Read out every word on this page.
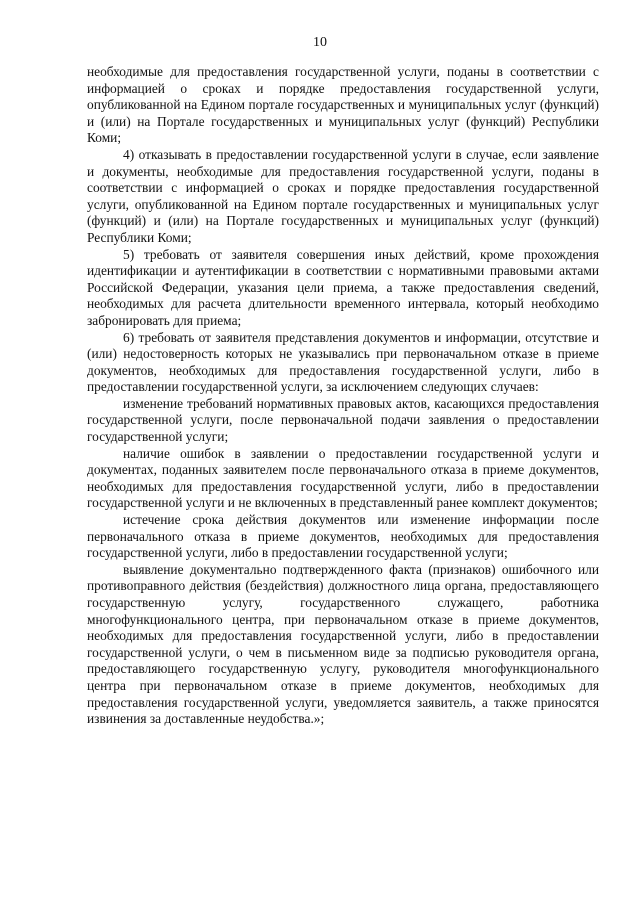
10

необходимые для предоставления государственной услуги, поданы в соответствии с информацией о сроках и порядке предоставления государственной услуги, опубликованной на Едином портале государственных и муниципальных услуг (функций) и (или) на Портале государственных и муниципальных услуг (функций) Республики Коми;

4) отказывать в предоставлении государственной услуги в случае, если заявление и документы, необходимые для предоставления государственной услуги, поданы в соответствии с информацией о сроках и порядке предоставления государственной услуги, опубликованной на Едином портале государственных и муниципальных услуг (функций) и (или) на Портале государственных и муниципальных услуг (функций) Республики Коми;

5) требовать от заявителя совершения иных действий, кроме прохождения идентификации и аутентификации в соответствии с нормативными правовыми актами Российской Федерации, указания цели приема, а также предоставления сведений, необходимых для расчета длительности временного интервала, который необходимо забронировать для приема;

6) требовать от заявителя представления документов и информации, отсутствие и (или) недостоверность которых не указывались при первоначальном отказе в приеме документов, необходимых для предоставления государственной услуги, либо в предоставлении государственной услуги, за исключением следующих случаев:

изменение требований нормативных правовых актов, касающихся предоставления государственной услуги, после первоначальной подачи заявления о предоставлении государственной услуги;

наличие ошибок в заявлении о предоставлении государственной услуги и документах, поданных заявителем после первоначального отказа в приеме документов, необходимых для предоставления государственной услуги, либо в предоставлении государственной услуги и не включенных в представленный ранее комплект документов;

истечение срока действия документов или изменение информации после первоначального отказа в приеме документов, необходимых для предоставления государственной услуги, либо в предоставлении государственной услуги;

выявление документально подтвержденного факта (признаков) ошибочного или противоправного действия (бездействия) должностного лица органа, предоставляющего государственную услугу, государственного служащего, работника многофункционального центра, при первоначальном отказе в приеме документов, необходимых для предоставления государственной услуги, либо в предоставлении государственной услуги, о чем в письменном виде за подписью руководителя органа, предоставляющего государственную услугу, руководителя многофункционального центра при первоначальном отказе в приеме документов, необходимых для предоставления государственной услуги, уведомляется заявитель, а также приносятся извинения за доставленные неудобства.»;
